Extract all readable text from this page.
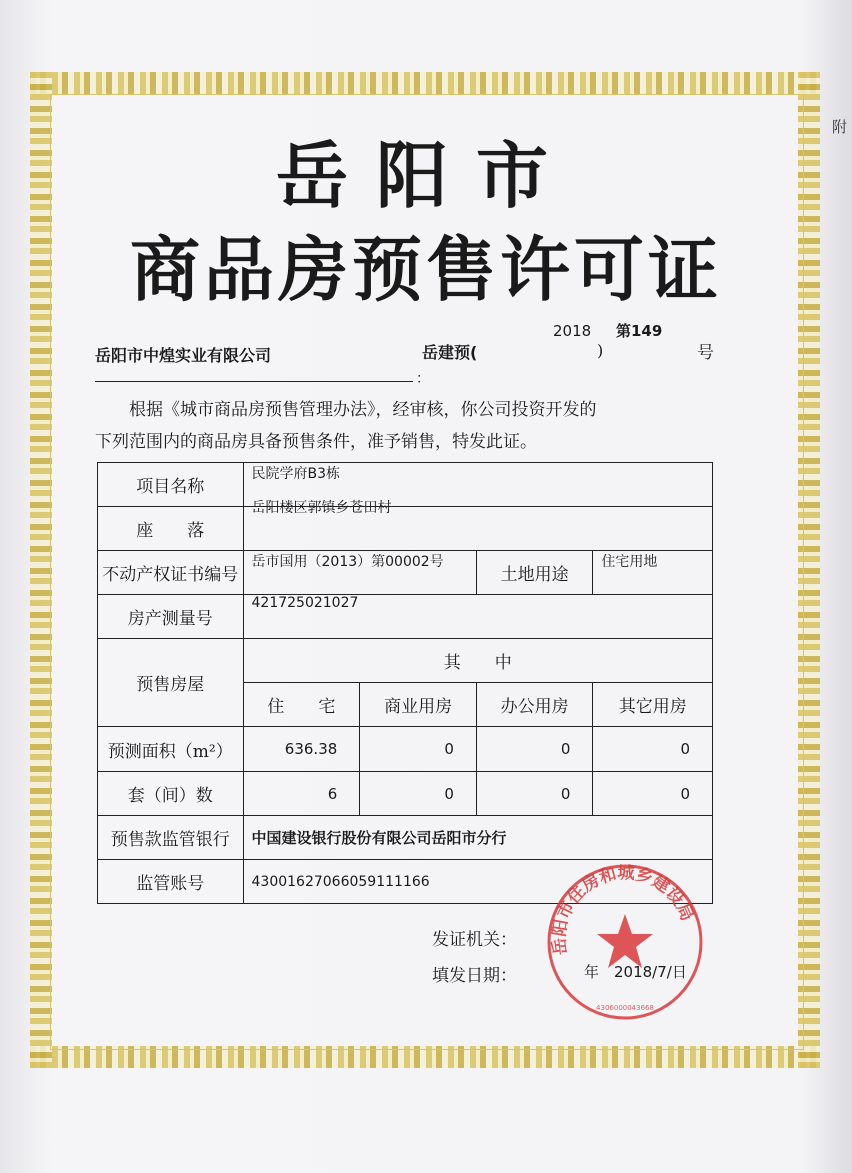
附
岳阳市
商品房预售许可证
岳阳市中煌实业有限公司
：
岳建预(
2018
)
第149
号
根据《城市商品房预售管理办法》，经审核，你公司投资开发的
下列范围内的商品房具备预售条件，准予销售，特发此证。
项目名称	民院学府B3栋			
座　　落	岳阳楼区郭镇乡苍田村			
不动产权证书编号	岳市国用（2013）第00002号		土地用途	住宅用地
房产测量号	421725021027			
预售房屋	其　　中			
	住　　宅	商业用房	办公用房	其它用房
预测面积（m²）	636.38	0	0	0
套（间）数	6	0	0	0
预售款监管银行	中国建设银行股份有限公司岳阳市分行			
监管账号	43001627066059111166			
发证机关：
填发日期：
岳阳市住房和城乡建设局
4306000043668
年　2018/7/日
